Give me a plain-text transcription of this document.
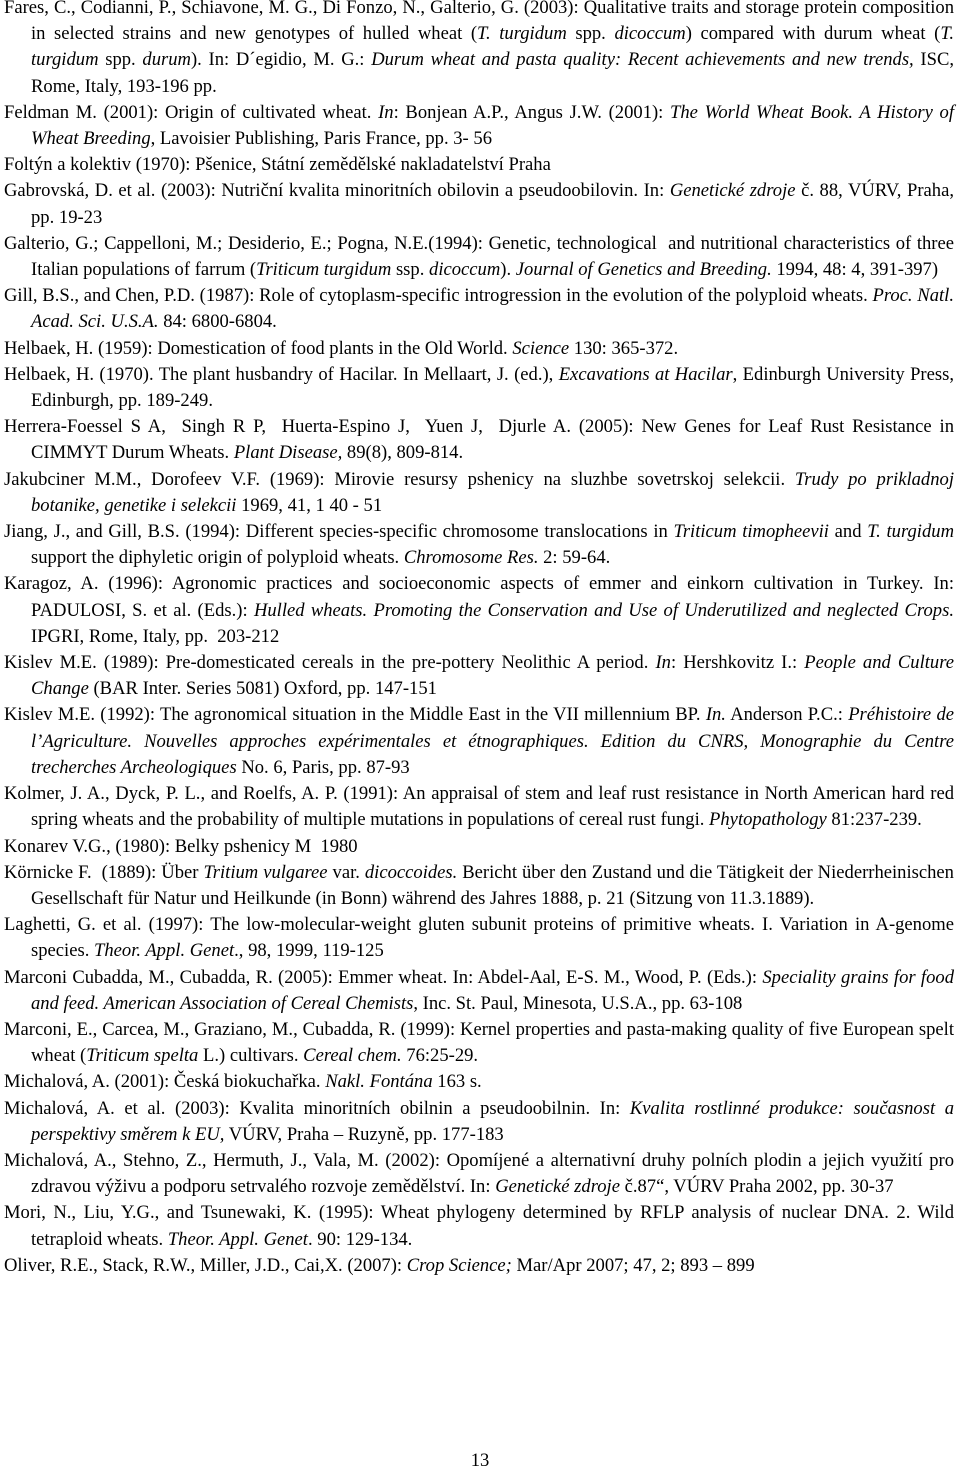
Fares, C., Codianni, P., Schiavone, M. G., Di Fonzo, N., Galterio, G. (2003): Qualitative traits and storage protein composition in selected strains and new genotypes of hulled wheat (T. turgidum spp. dicoccum) compared with durum wheat (T. turgidum spp. durum). In: D´egidio, M. G.: Durum wheat and pasta quality: Recent achievements and new trends, ISC, Rome, Italy, 193-196 pp.

Feldman M. (2001): Origin of cultivated wheat. In: Bonjean A.P., Angus J.W. (2001): The World Wheat Book. A History of Wheat Breeding, Lavoisier Publishing, Paris France, pp. 3- 56

Foltýn a kolektiv (1970): Pšenice, Státní zemědělské nakladatelství Praha

Gabrovská, D. et al. (2003): Nutriční kvalita minoritních obilovin a pseudoobilovin. In: Genetické zdroje č. 88, VÚRV, Praha, pp. 19-23

Galterio, G.; Cappelloni, M.; Desiderio, E.; Pogna, N.E.(1994): Genetic, technological  and nutritional characteristics of three Italian populations of farrum (Triticum turgidum ssp. dicoccum). Journal of Genetics and Breeding. 1994, 48: 4, 391-397)

Gill, B.S., and Chen, P.D. (1987): Role of cytoplasm-specific introgression in the evolution of the polyploid wheats. Proc. Natl. Acad. Sci. U.S.A. 84: 6800-6804.

Helbaek, H. (1959): Domestication of food plants in the Old World. Science 130: 365-372.

Helbaek, H. (1970). The plant husbandry of Hacilar. In Mellaart, J. (ed.), Excavations at Hacilar, Edinburgh University Press, Edinburgh, pp. 189-249.

Herrera-Foessel S A,  Singh R P,  Huerta-Espino J,  Yuen J,  Djurle A. (2005): New Genes for Leaf Rust Resistance in CIMMYT Durum Wheats. Plant Disease, 89(8), 809-814.

Jakubciner M.M., Dorofeev V.F. (1969): Mirovie resursy pshenicy na sluzhbe sovetrskoj selekcii. Trudy po prikladnoj botanike, genetike i selekcii 1969, 41, 1 40 - 51

Jiang, J., and Gill, B.S. (1994): Different species-specific chromosome translocations in Triticum timopheevii and T. turgidum support the diphyletic origin of polyploid wheats. Chromosome Res. 2: 59-64.

Karagoz, A. (1996): Agronomic practices and socioeconomic aspects of emmer and einkorn cultivation in Turkey. In: PADULOSI, S. et al. (Eds.): Hulled wheats. Promoting the Conservation and Use of Underutilized and neglected Crops. IPGRI, Rome, Italy, pp.  203-212

Kislev M.E. (1989): Pre-domesticated cereals in the pre-pottery Neolithic A period. In: Hershkovitz I.: People and Culture Change (BAR Inter. Series 5081) Oxford, pp. 147-151

Kislev M.E. (1992): The agronomical situation in the Middle East in the VII millennium BP. In. Anderson P.C.: Préhistoire de l’Agriculture. Nouvelles approches expérimentales et étnographiques. Edition du CNRS, Monographie du Centre trecherches Archeologiques No. 6, Paris, pp. 87-93

Kolmer, J. A., Dyck, P. L., and Roelfs, A. P. (1991): An appraisal of stem and leaf rust resistance in North American hard red spring wheats and the probability of multiple mutations in populations of cereal rust fungi. Phytopathology 81:237-239.

Konarev V.G., (1980): Belky pshenicy M  1980

Körnicke F.  (1889): Über Tritium vulgaree var. dicoccoides. Bericht über den Zustand und die Tätigkeit der Niederrheinischen Gesellschaft für Natur und Heilkunde (in Bonn) während des Jahres 1888, p. 21 (Sitzung von 11.3.1889).

Laghetti, G. et al. (1997): The low-molecular-weight gluten subunit proteins of primitive wheats. I. Variation in A-genome species. Theor. Appl. Genet., 98, 1999, 119-125

Marconi Cubadda, M., Cubadda, R. (2005): Emmer wheat. In: Abdel-Aal, E-S. M., Wood, P. (Eds.): Speciality grains for food and feed. American Association of Cereal Chemists, Inc. St. Paul, Minesota, U.S.A., pp. 63-108

Marconi, E., Carcea, M., Graziano, M., Cubadda, R. (1999): Kernel properties and pasta-making quality of five European spelt wheat (Triticum spelta L.) cultivars. Cereal chem. 76:25-29.

Michalová, A. (2001): Česká biokuchařka. Nakl. Fontána 163 s.

Michalová, A. et al. (2003): Kvalita minoritních obilnin a pseudoobilnin. In: Kvalita rostlinné produkce: současnost a perspektivy směrem k EU, VÚRV, Praha – Ruzyně, pp. 177-183

Michalová, A., Stehno, Z., Hermuth, J., Vala, M. (2002): Opomíjené a alternativní druhy polních plodin a jejich využití pro zdravou výživu a podporu setrvalého rozvoje zemědělství. In: Genetické zdroje č.87“, VÚRV Praha 2002, pp. 30-37

Mori, N., Liu, Y.G., and Tsunewaki, K. (1995): Wheat phylogeny determined by RFLP analysis of nuclear DNA. 2. Wild tetraploid wheats. Theor. Appl. Genet. 90: 129-134.

Oliver, R.E., Stack, R.W., Miller, J.D., Cai,X. (2007): Crop Science; Mar/Apr 2007; 47, 2; 893 – 899

13
